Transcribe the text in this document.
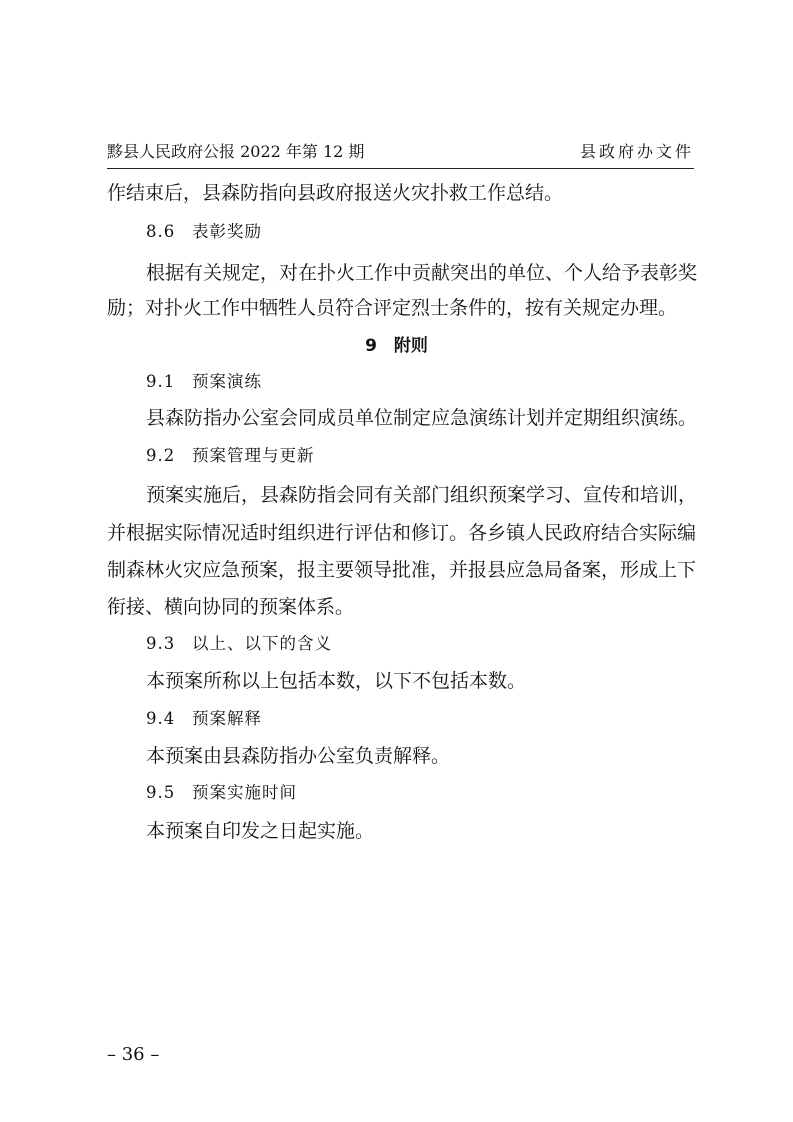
黟县人民政府公报 2022 年第 12 期	县政府办文件
作结束后，县森防指向县政府报送火灾扑救工作总结。
8.6 表彰奖励
根据有关规定，对在扑火工作中贡献突出的单位、个人给予表彰奖
励；对扑火工作中牺牲人员符合评定烈士条件的，按有关规定办理。
9　附则
9.1 预案演练
县森防指办公室会同成员单位制定应急演练计划并定期组织演练。
9.2 预案管理与更新
预案实施后，县森防指会同有关部门组织预案学习、宣传和培训，
并根据实际情况适时组织进行评估和修订。各乡镇人民政府结合实际编
制森林火灾应急预案，报主要领导批准，并报县应急局备案，形成上下
衔接、横向协同的预案体系。
9.3 以上、以下的含义
本预案所称以上包括本数，以下不包括本数。
9.4 预案解释
本预案由县森防指办公室负责解释。
9.5 预案实施时间
本预案自印发之日起实施。
– 36 –
